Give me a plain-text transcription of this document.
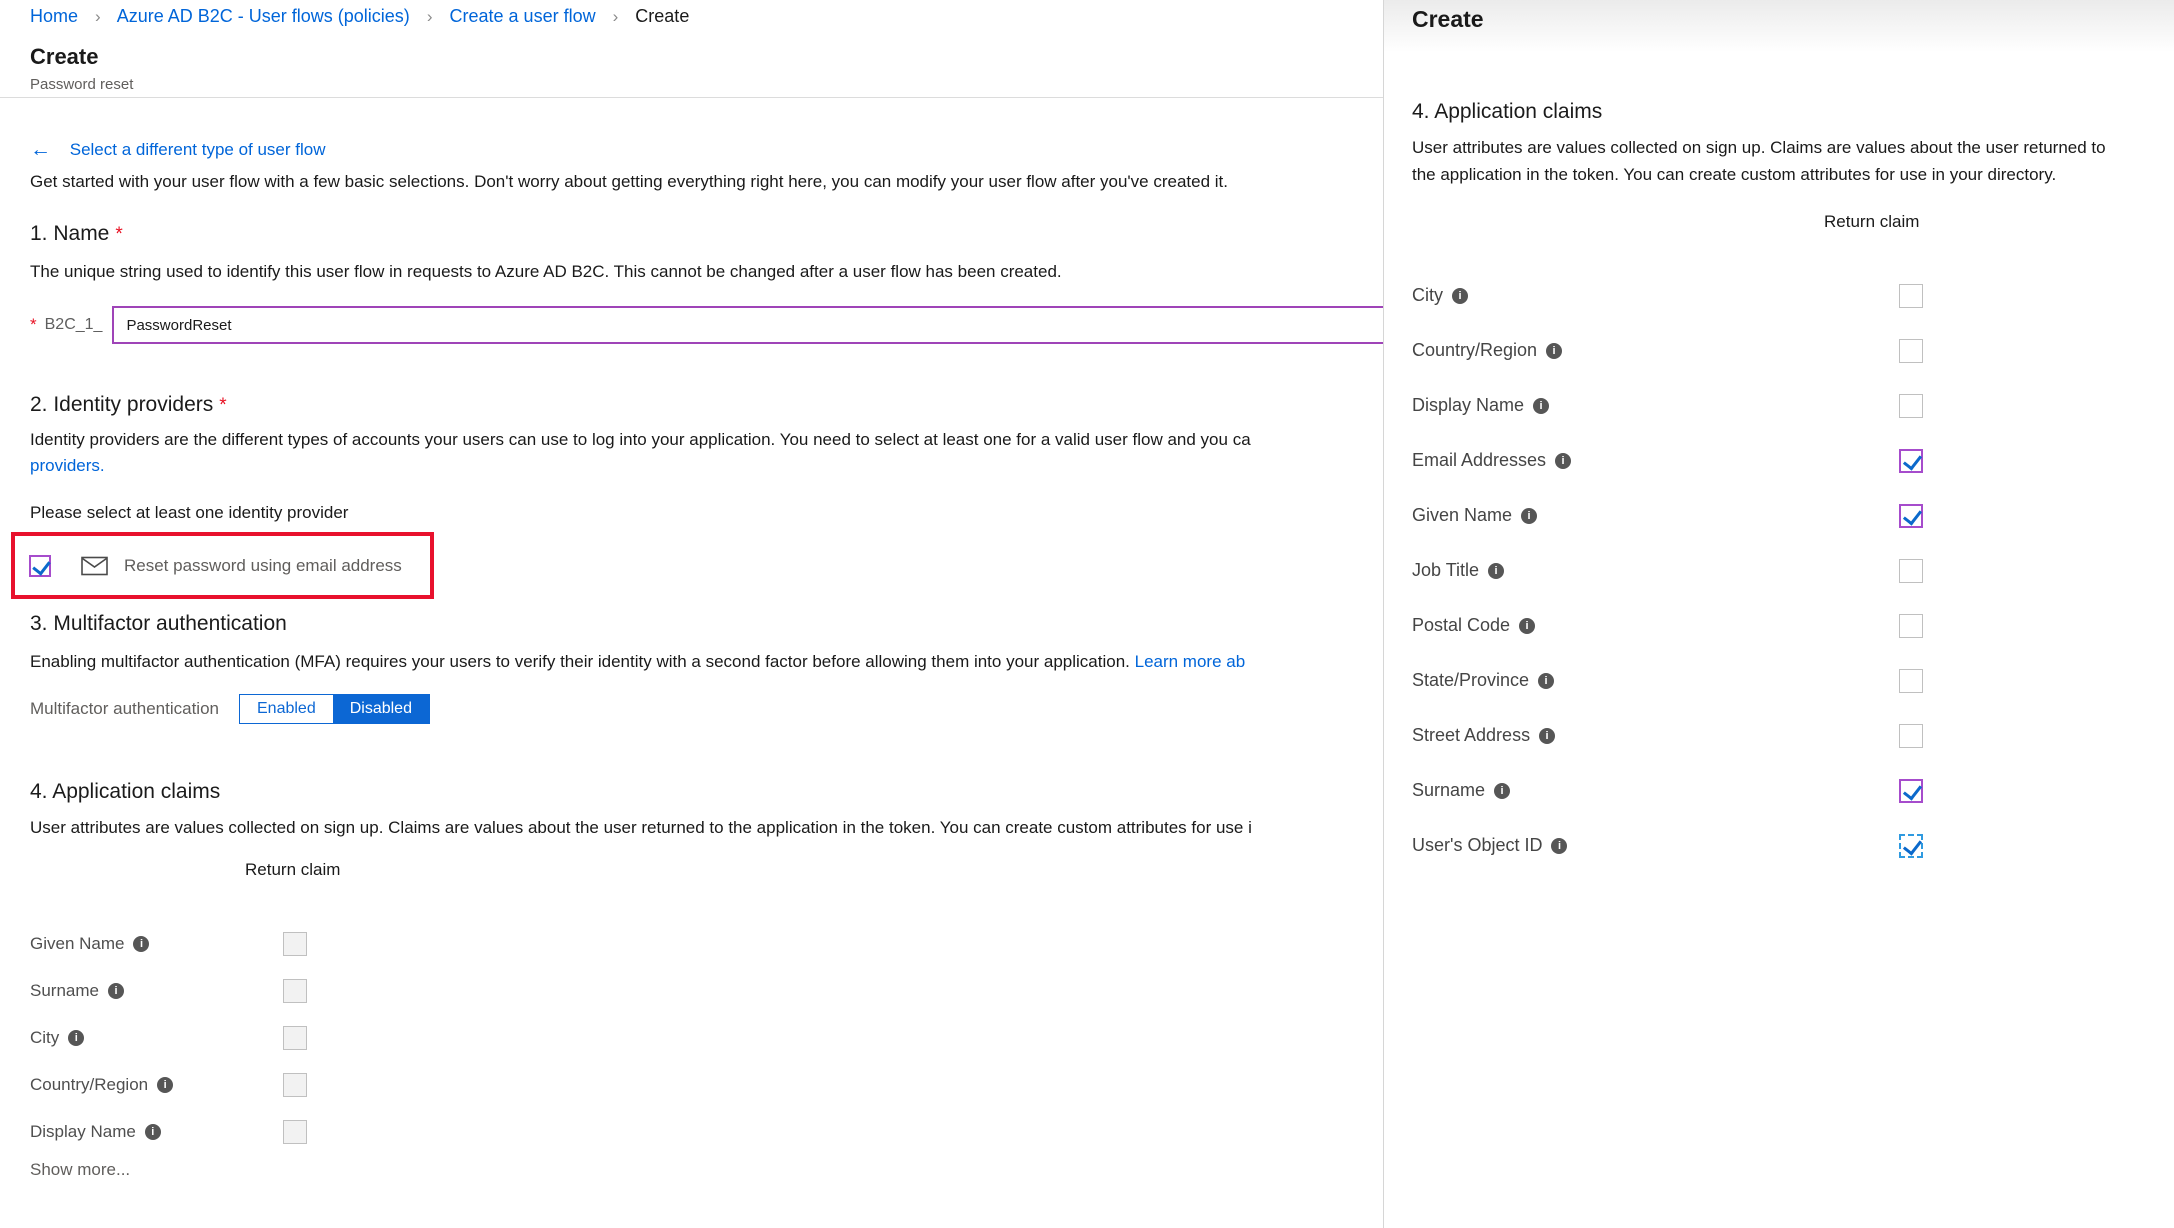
Home › Azure AD B2C - User flows (policies) › Create a user flow › Create
Create
Password reset
← Select a different type of user flow
Get started with your user flow with a few basic selections. Don't worry about getting everything right here, you can modify your user flow after you've created it.
1. Name *
The unique string used to identify this user flow in requests to Azure AD B2C. This cannot be changed after a user flow has been created.
* B2C_1_
PasswordReset
2. Identity providers *
Identity providers are the different types of accounts your users can use to log into your application. You need to select at least one for a valid user flow and you ca
providers.
Please select at least one identity provider
Reset password using email address
3. Multifactor authentication
Enabling multifactor authentication (MFA) requires your users to verify their identity with a second factor before allowing them into your application. Learn more ab
Multifactor authentication	Enabled	Disabled
4. Application claims
User attributes are values collected on sign up. Claims are values about the user returned to the application in the token. You can create custom attributes for use i
Return claim
Given Name	i
Surname	i
City	i
Country/Region	i
Display Name	i
Show more...
Create
4. Application claims
User attributes are values collected on sign up. Claims are values about the user returned to
the application in the token. You can create custom attributes for use in your directory.
Return claim
City	i
Country/Region	i
Display Name	i
Email Addresses	i
Given Name	i
Job Title	i
Postal Code	i
State/Province	i
Street Address	i
Surname	i
User's Object ID	i
